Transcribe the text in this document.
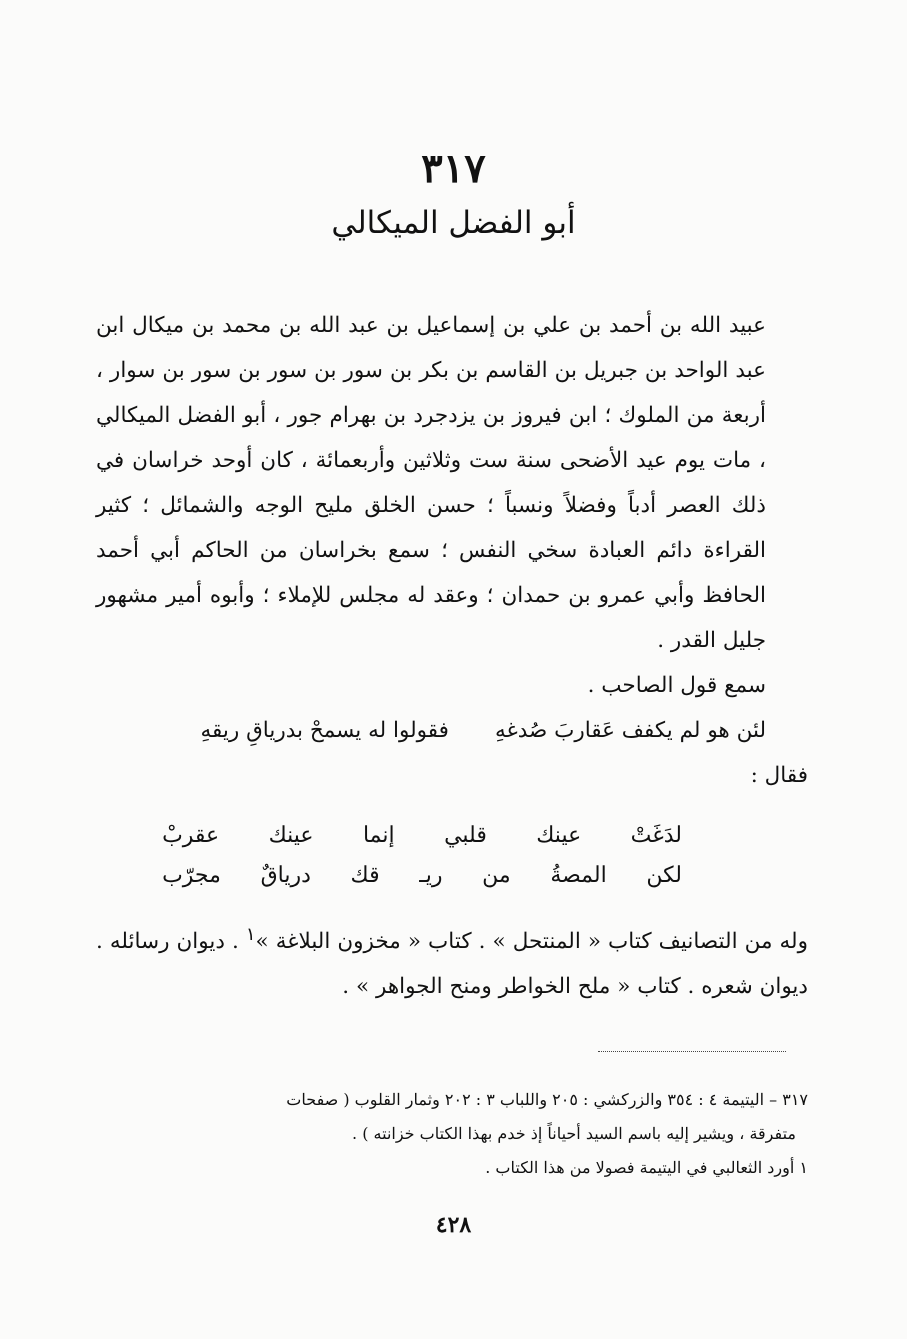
٣١٧
أبو الفضل الميكالي

عبيد الله بن أحمد بن علي بن إسماعيل بن عبد الله بن محمد بن ميكال ابن عبد الواحد بن جبريل بن القاسم بن بكر بن سور بن سور بن سور بن سوار ، أربعة من الملوك ؛ ابن فيروز بن يزدجرد بن بهرام جور ، أبو الفضل الميكالي ، مات يوم عيد الأضحى سنة ست وثلاثين وأربعمائة ، كان أوحد خراسان في ذلك العصر أدباً وفضلاً ونسباً ؛ حسن الخلق مليح الوجه والشمائل ؛ كثير القراءة دائم العبادة سخي النفس ؛ سمع بخراسان من الحاكم أبي أحمد الحافظ وأبي عمرو بن حمدان ؛ وعقد له مجلس للإملاء ؛ وأبوه أمير مشهور جليل القدر .

سمع قول الصاحب .

لئن هو لم يكفف عَقاربَ صُدغهِفقولوا له يسمحْ بدرياقِ ريقهِ

فقال :

لدَغَتْ
عينك
قلبي
إنما
عينك
عقربْ
لكن
المصةُ
من
ريـ
قك
درياقٌ
مجرّب

وله من التصانيف كتاب « المنتحل » . كتاب « مخزون البلاغة »$^١$ . ديوان رسائله . ديوان شعره . كتاب « ملح الخواطر ومنح الجواهر » .

٣١٧ – اليتيمة ٤ : ٣٥٤ والزركشي : ٢٠٥ واللباب ٣ : ٢٠٢ وثمار القلوب ( صفحات

متفرقة ، ويشير إليه باسم السيد أحياناً إذ خدم بهذا الكتاب خزانته ) .

١ أورد الثعالبي في اليتيمة فصولا من هذا الكتاب .

٤٢٨
